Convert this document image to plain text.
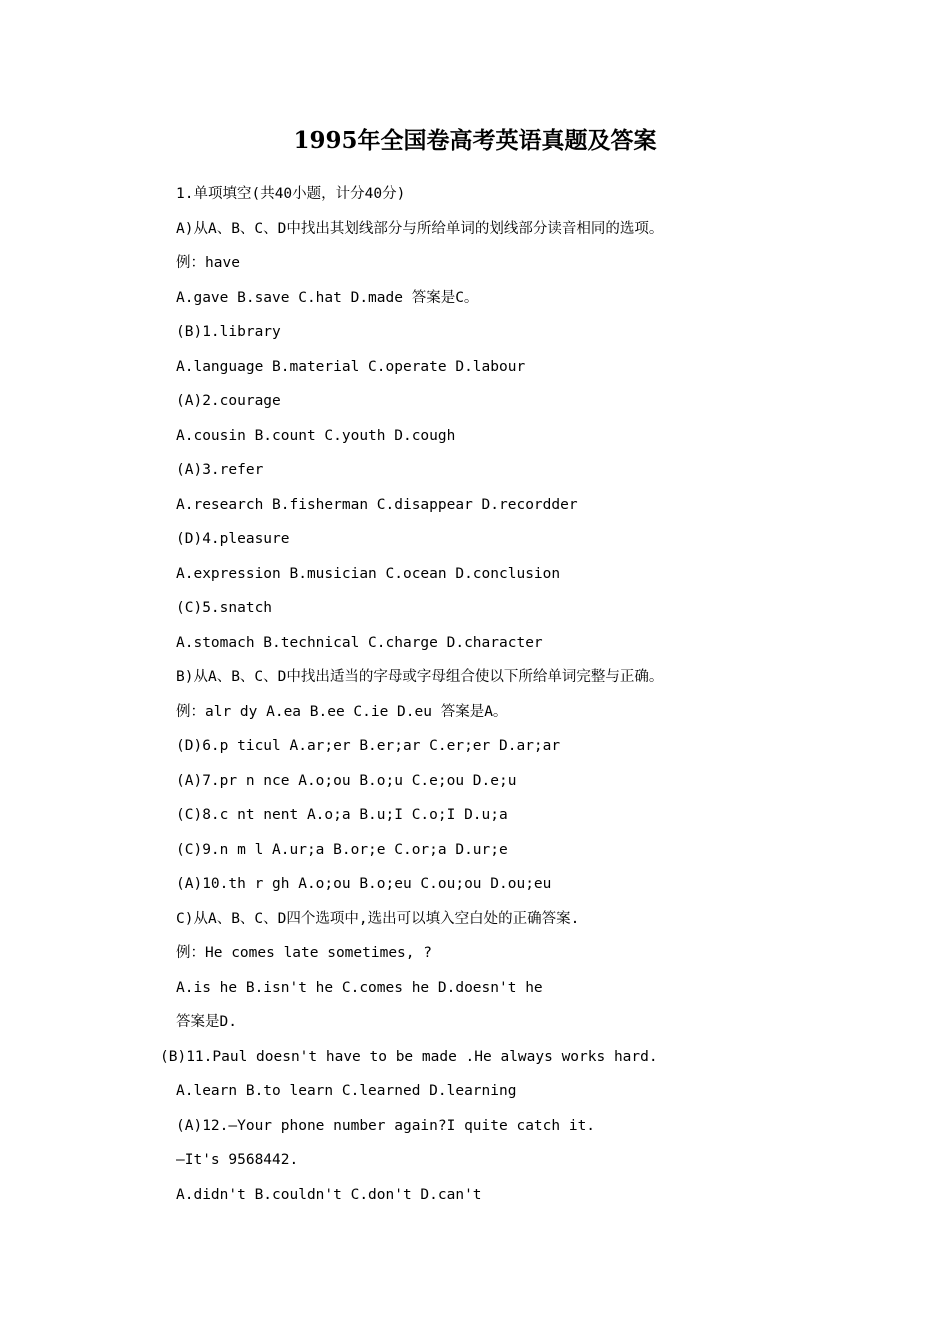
1995年全国卷高考英语真题及答案
1.单项填空(共40小题，计分40分)
A)从A、B、C、D中找出其划线部分与所给单词的划线部分读音相同的选项。
例：have
A.gave B.save C.hat D.made 答案是C。
(B)1.library
A.language B.material C.operate D.labour
(A)2.courage
A.cousin B.count C.youth D.cough
(A)3.refer
A.research B.fisherman C.disappear D.recordder
(D)4.pleasure
A.expression B.musician C.ocean D.conclusion
(C)5.snatch
A.stomach B.technical C.charge D.character
B)从A、B、C、D中找出适当的字母或字母组合使以下所给单词完整与正确。
例：alr dy A.ea B.ee C.ie D.eu 答案是A。
(D)6.p ticul A.ar;er B.er;ar C.er;er D.ar;ar
(A)7.pr n nce A.o;ou B.o;u C.e;ou D.e;u
(C)8.c nt nent A.o;a B.u;I C.o;I D.u;a
(C)9.n m l A.ur;a B.or;e C.or;a D.ur;e
(A)10.th r gh A.o;ou B.o;eu C.ou;ou D.ou;eu
C)从A、B、C、D四个选项中,选出可以填入空白处的正确答案.
例：He comes late sometimes, ?
A.is he B.isn't he C.comes he D.doesn't he
答案是D.
(B)11.Paul doesn't have to be made .He always works hard.
A.learn B.to learn C.learned D.learning
(A)12.—Your phone number again?I quite catch it.
—It's 9568442.
A.didn't B.couldn't C.don't D.can't
